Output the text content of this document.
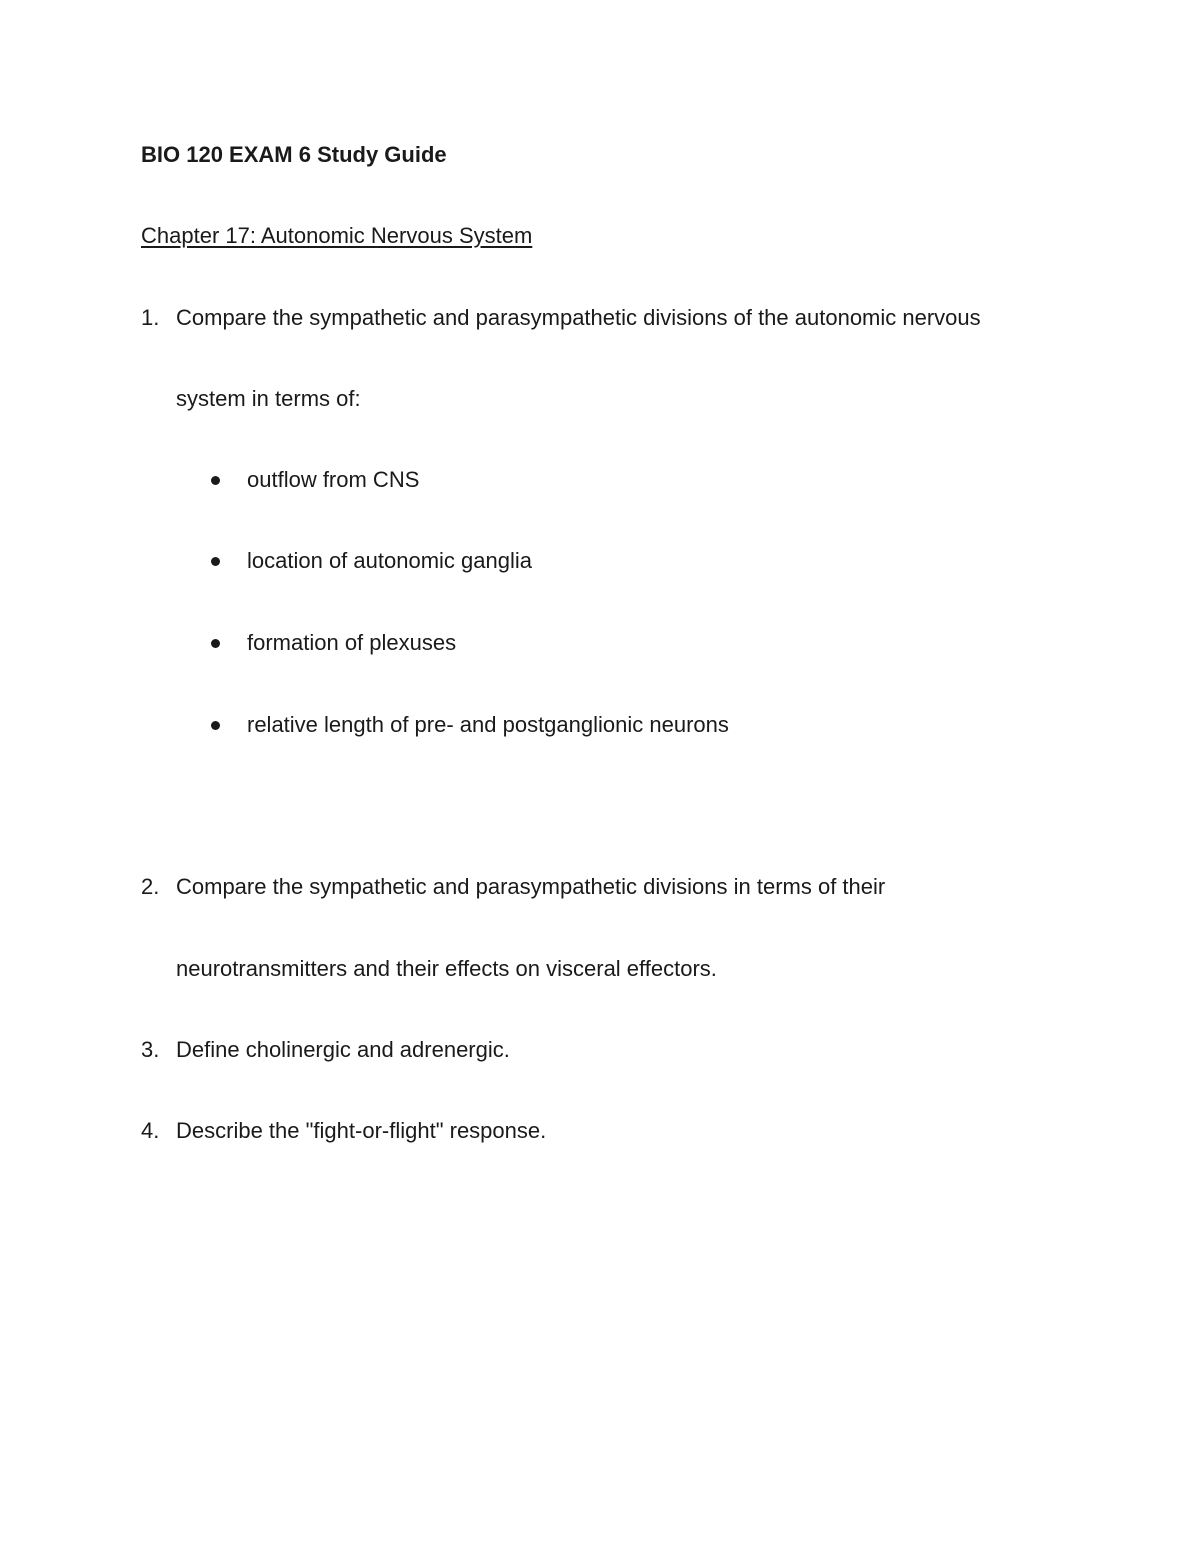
BIO 120 EXAM 6 Study Guide
Chapter 17: Autonomic Nervous System
1. Compare the sympathetic and parasympathetic divisions of the autonomic nervous
system in terms of:
outflow from CNS
location of autonomic ganglia
formation of plexuses
relative length of pre- and postganglionic neurons
2. Compare the sympathetic and parasympathetic divisions in terms of their
neurotransmitters and their effects on visceral effectors.
3. Define cholinergic and adrenergic.
4. Describe the "fight-or-flight" response.
